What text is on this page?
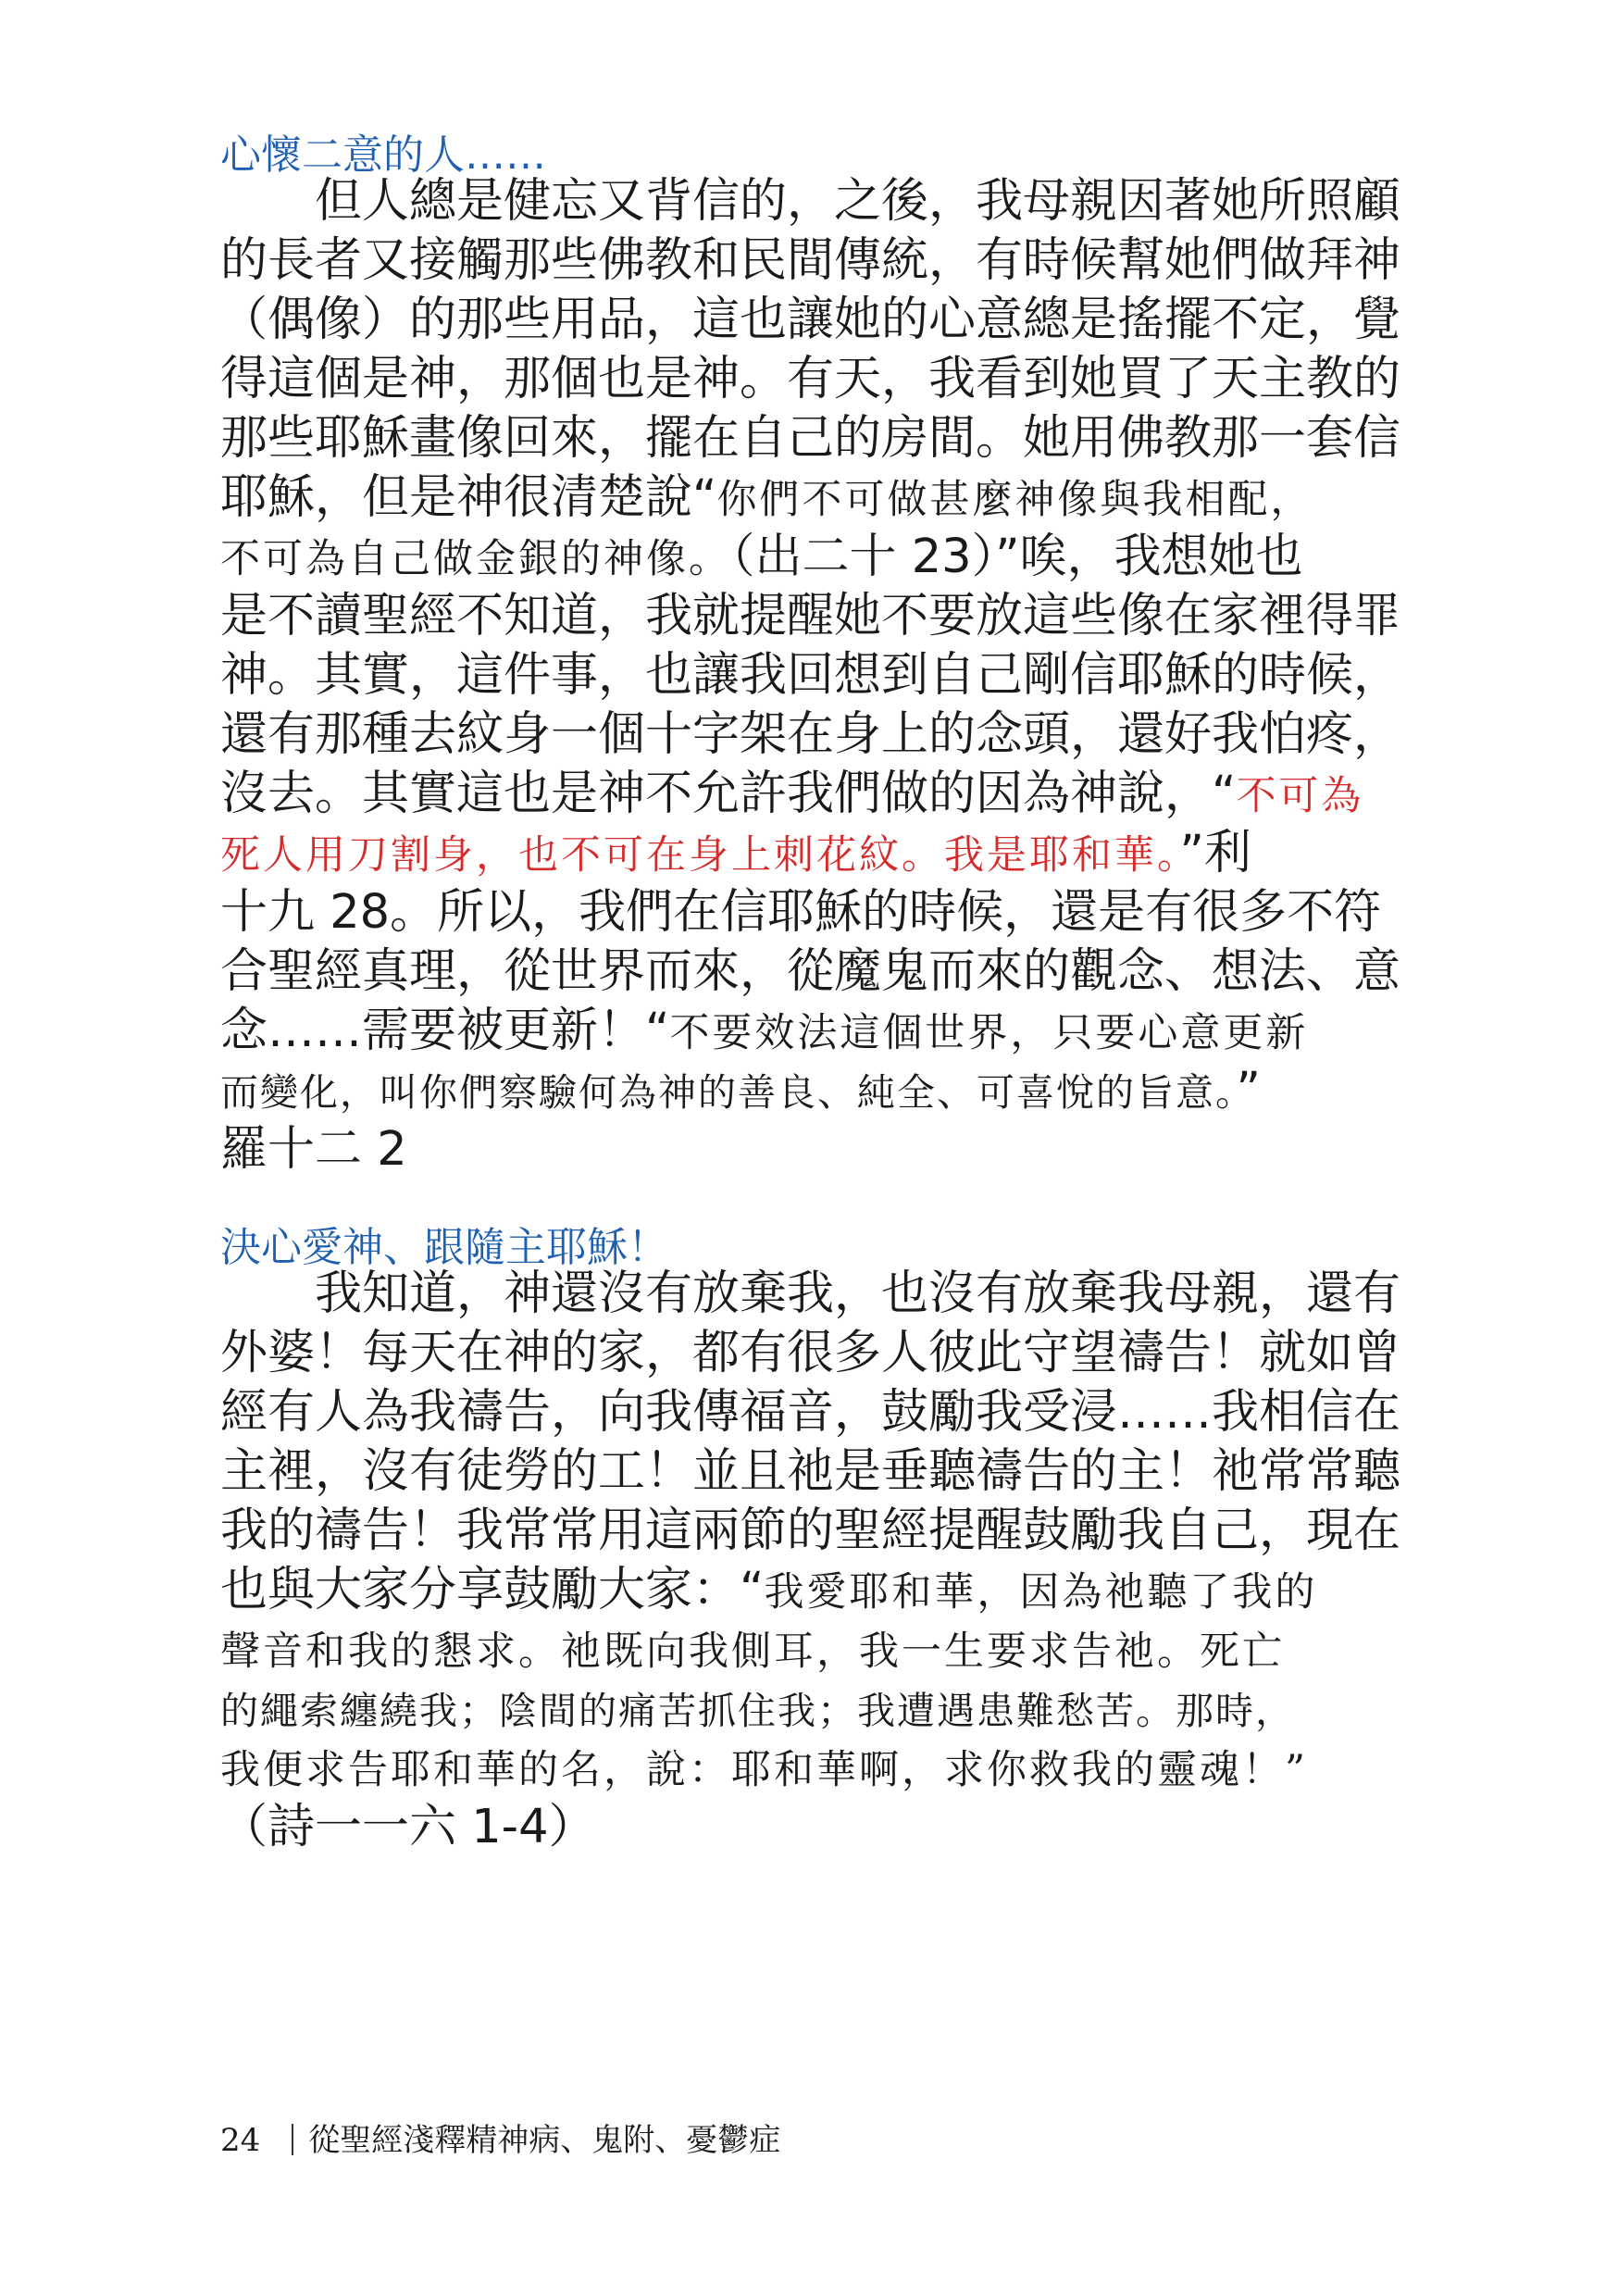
心懷二意的人……
但人總是健忘又背信的，之後，我母親因著她所照顧
的長者又接觸那些佛教和民間傳統，有時候幫她們做拜神
（偶像）的那些用品，這也讓她的心意總是搖擺不定，覺
得這個是神，那個也是神。有天，我看到她買了天主教的
那些耶穌畫像回來，擺在自己的房間。她用佛教那一套信
耶穌，但是神很清楚說“你們不可做甚麼神像與我相配，
不可為自己做金銀的神像。（出二十 23）”唉，我想她也
是不讀聖經不知道，我就提醒她不要放這些像在家裡得罪
神。其實，這件事，也讓我回想到自己剛信耶穌的時候，
還有那種去紋身一個十字架在身上的念頭，還好我怕疼，
沒去。其實這也是神不允許我們做的因為神說，“不可為
死人用刀割身，也不可在身上刺花紋。我是耶和華。”利
十九 28。所以，我們在信耶穌的時候，還是有很多不符
合聖經真理，從世界而來，從魔鬼而來的觀念、想法、意
念……需要被更新！“不要效法這個世界，只要心意更新
而變化，叫你們察驗何為神的善良、純全、可喜悅的旨意。”
羅十二 2
決心愛神、跟隨主耶穌！
我知道，神還沒有放棄我，也沒有放棄我母親，還有
外婆！每天在神的家，都有很多人彼此守望禱告！就如曾
經有人為我禱告，向我傳福音，鼓勵我受浸……我相信在
主裡，沒有徒勞的工！並且祂是垂聽禱告的主！祂常常聽
我的禱告！我常常用這兩節的聖經提醒鼓勵我自己，現在
也與大家分享鼓勵大家：“我愛耶和華，因為祂聽了我的
聲音和我的懇求。祂既向我側耳，我一生要求告祂。死亡
的繩索纏繞我；陰間的痛苦抓住我；我遭遇患難愁苦。那時，
我便求告耶和華的名，說：耶和華啊，求你救我的靈魂！”
（詩一一六 1-4）
24 從聖經淺釋精神病、鬼附、憂鬱症
